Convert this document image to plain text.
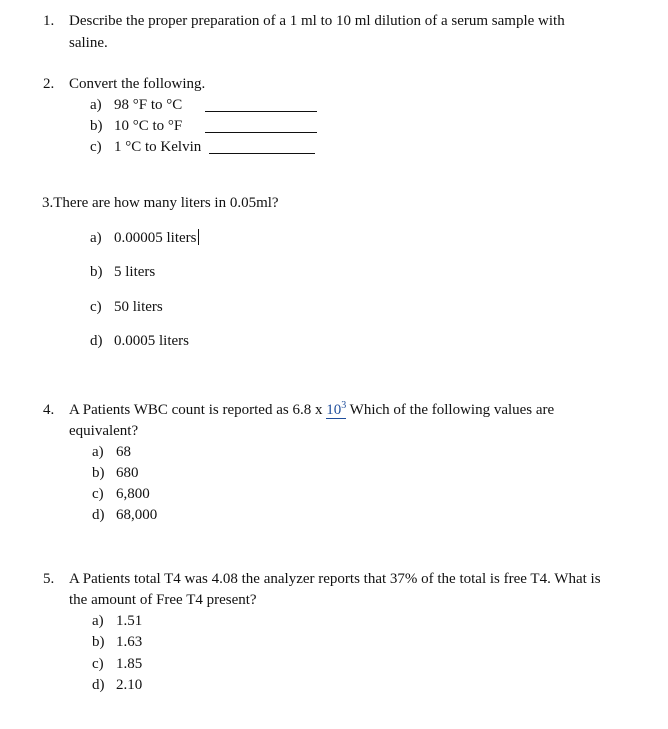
1. Describe the proper preparation of a 1 ml to 10 ml dilution of a serum sample with
saline.
2. Convert the following.
a) 98 °F to °C
b) 10 °C to °F
c) 1 °C to Kelvin
3.There are how many liters in 0.05ml?
a) 0.00005 liters
b) 5 liters
c) 50 liters
d) 0.0005 liters
4. A Patients WBC count is reported as 6.8 x $10^3$ Which of the following values are
equivalent?
a) 68
b) 680
c) 6,800
d) 68,000
5. A Patients total T4 was 4.08 the analyzer reports that 37% of the total is free T4. What is
the amount of Free T4 present?
a) 1.51
b) 1.63
c) 1.85
d) 2.10
